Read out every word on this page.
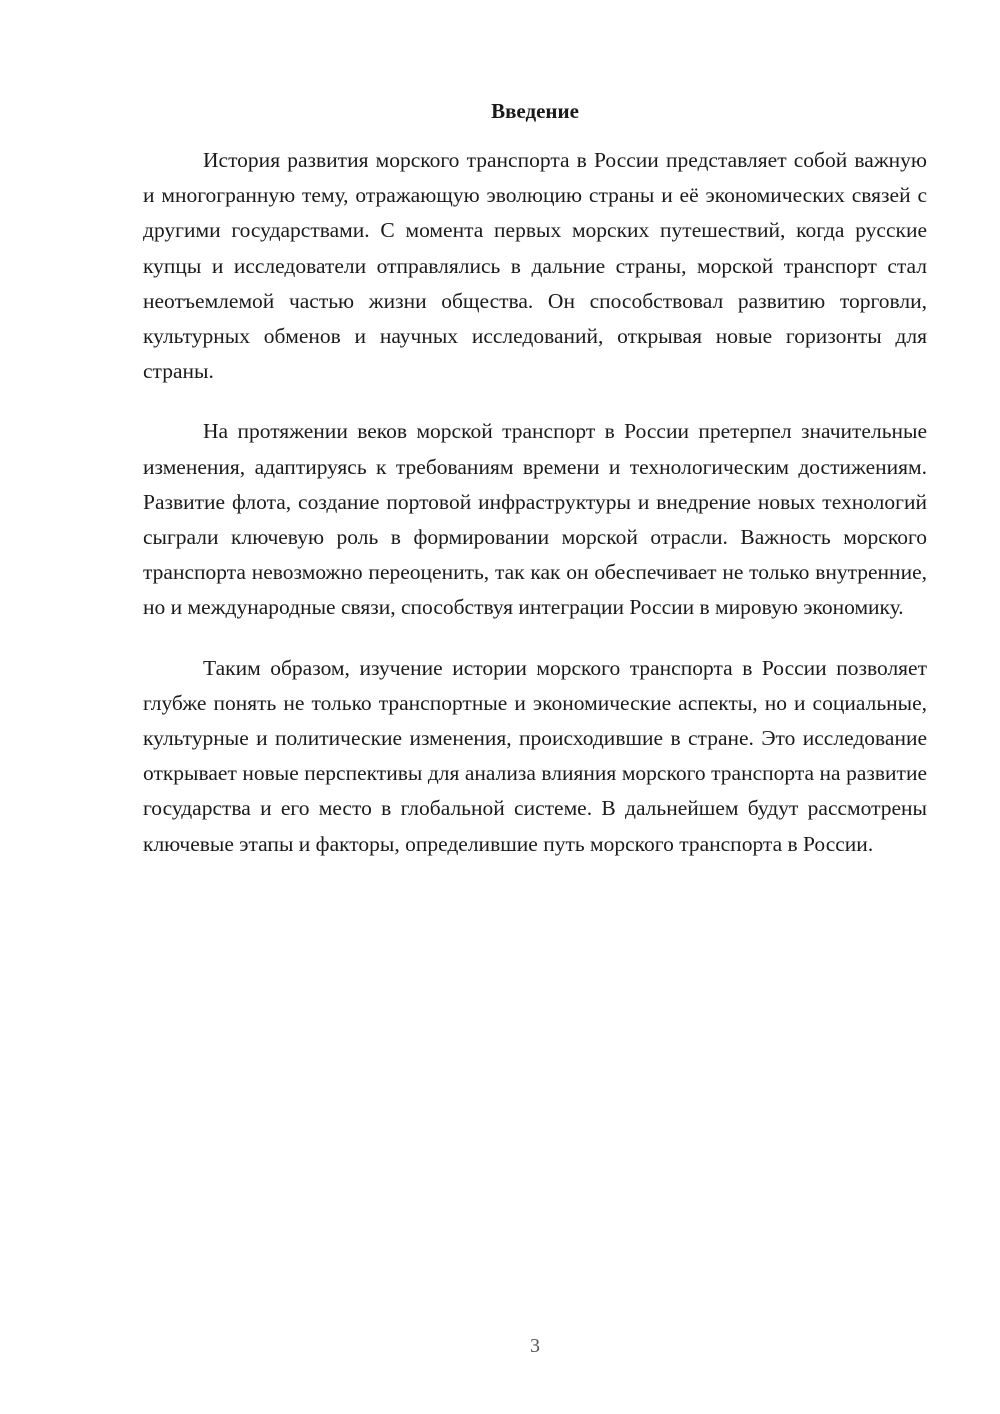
Введение

История развития морского транспорта в России представляет собой важную и многогранную тему, отражающую эволюцию страны и её экономических связей с другими государствами. С момента первых морских путешествий, когда русские купцы и исследователи отправлялись в дальние страны, морской транспорт стал неотъемлемой частью жизни общества. Он способствовал развитию торговли, культурных обменов и научных исследований, открывая новые горизонты для страны.

На протяжении веков морской транспорт в России претерпел значительные изменения, адаптируясь к требованиям времени и технологическим достижениям. Развитие флота, создание портовой инфраструктуры и внедрение новых технологий сыграли ключевую роль в формировании морской отрасли. Важность морского транспорта невозможно переоценить, так как он обеспечивает не только внутренние, но и международные связи, способствуя интеграции России в мировую экономику.

Таким образом, изучение истории морского транспорта в России позволяет глубже понять не только транспортные и экономические аспекты, но и социальные, культурные и политические изменения, происходившие в стране. Это исследование открывает новые перспективы для анализа влияния морского транспорта на развитие государства и его место в глобальной системе. В дальнейшем будут рассмотрены ключевые этапы и факторы, определившие путь морского транспорта в России.

3
